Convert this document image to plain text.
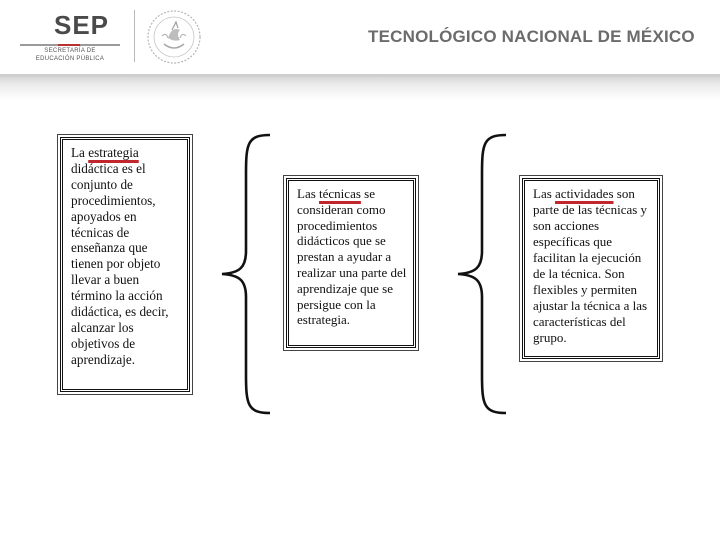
SEP
SECRETARÍA DE
EDUCACIÓN PÚBLICA
TECNOLÓGICO NACIONAL DE MÉXICO

La estrategia didáctica es el conjunto de procedimientos, apoyados en técnicas de enseñanza que tienen por objeto llevar a buen término la acción didáctica, es decir, alcanzar los objetivos de aprendizaje.

Las técnicas se consideran como procedimientos didácticos que se prestan a ayudar a realizar una parte del aprendizaje que se persigue con la estrategia.

Las actividades son parte de las técnicas y son acciones específicas que facilitan la ejecución de la técnica. Son flexibles y permiten ajustar la técnica a las características del grupo.
